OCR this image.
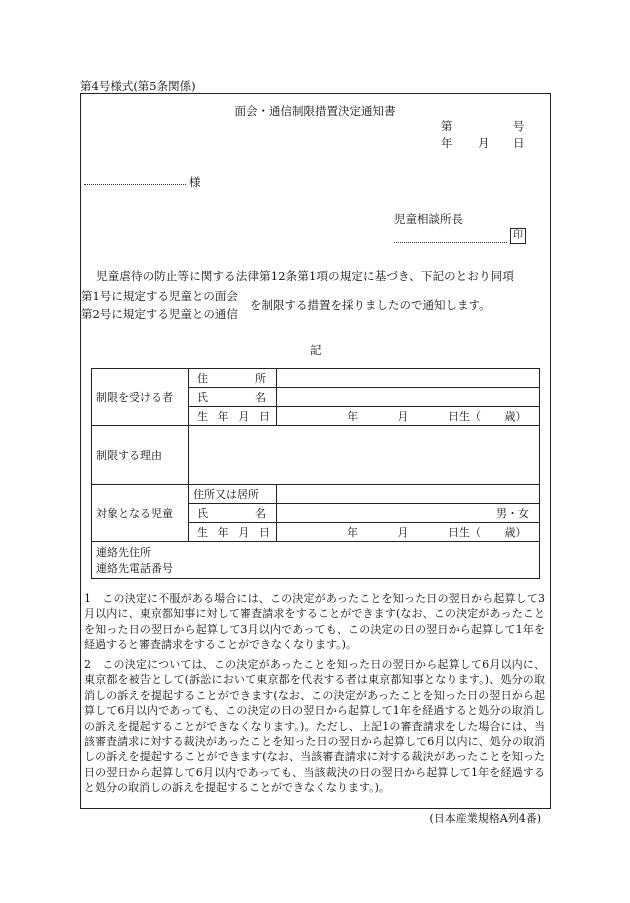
第4号様式(第5条関係)
面会・通信制限措置決定通知書
第	号
年 月 日
様
児童相談所長
印
児童虐待の防止等に関する法律第12条第1項の規定に基づき、下記のとおり同項
第1号に規定する児童との面会
第2号に規定する児童との通信
を制限する措置を採りましたので通知します。
記
制限を受ける者	住 所	

	氏 名	

	生 年 月 日	年 月 日生（ 歳）
制限する理由		
対象となる児童	住所又は居所	

	氏 名	男・女

	生 年 月 日	年 月 日生（ 歳）

連絡先住所
連絡先電話番号		

1　 この決定に不服がある場合には、この決定があったことを知った日の翌日から起算して3月以内に、東京都知事に対して審査請求をすることができます(なお、この決定があったことを知った日の翌日から起算して3月以内であっても、この決定の日の翌日から起算して1年を経過すると審査請求をすることができなくなります。)。

2　 この決定については、この決定があったことを知った日の翌日から起算して6月以内に、東京都を被告として(訴訟において東京都を代表する者は東京都知事となります。)、処分の取消しの訴えを提起することができます(なお、この決定があったことを知った日の翌日から起算して6月以内であっても、この決定の日の翌日から起算して1年を経過すると処分の取消しの訴えを提起することができなくなります。)。ただし、上記1の審査請求をした場合には、当該審査請求に対する裁決があったことを知った日の翌日から起算して6月以内に、処分の取消しの訴えを提起することができます(なお、当該審査請求に対する裁決があったことを知った日の翌日から起算して6月以内であっても、当該裁決の日の翌日から起算して1年を経過すると処分の取消しの訴えを提起することができなくなります。)。

(日本産業規格A列4番)
